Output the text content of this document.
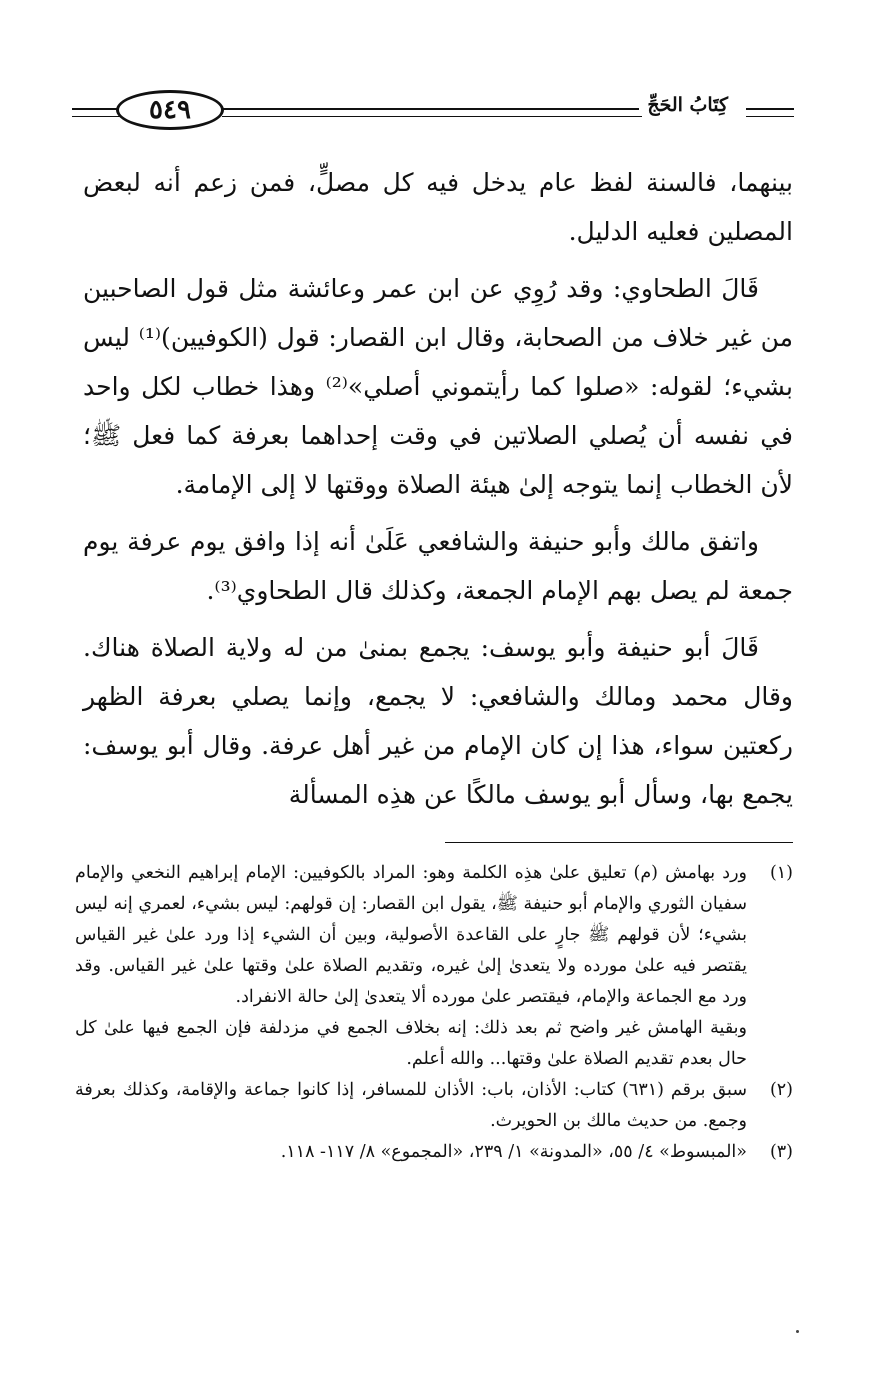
كِتَابُ الحَجِّ
٥٤٩

بينهما، فالسنة لفظ عام يدخل فيه كل مصلٍّ، فمن زعم أنه لبعض المصلين فعليه الدليل.

قَالَ الطحاوي: وقد رُوِي عن ابن عمر وعائشة مثل قول الصاحبين من غير خلاف من الصحابة، وقال ابن القصار: قول (الكوفيين)⁽¹⁾ ليس بشيء؛ لقوله: «صلوا كما رأيتموني أصلي»⁽²⁾ وهذا خطاب لكل واحد في نفسه أن يُصلي الصلاتين في وقت إحداهما بعرفة كما فعل ﷺ؛ لأن الخطاب إنما يتوجه إلىٰ هيئة الصلاة ووقتها لا إلى الإمامة.

واتفق مالك وأبو حنيفة والشافعي عَلَىٰ أنه إذا وافق يوم عرفة يوم جمعة لم يصل بهم الإمام الجمعة، وكذلك قال الطحاوي⁽³⁾.

قَالَ أبو حنيفة وأبو يوسف: يجمع بمنىٰ من له ولاية الصلاة هناك. وقال محمد ومالك والشافعي: لا يجمع، وإنما يصلي بعرفة الظهر ركعتين سواء، هذا إن كان الإمام من غير أهل عرفة. وقال أبو يوسف: يجمع بها، وسأل أبو يوسف مالكًا عن هذِه المسألة

(١)
ورد بهامش (م) تعليق علىٰ هذِه الكلمة وهو: المراد بالكوفيين: الإمام إبراهيم النخعي والإمام سفيان الثوري والإمام أبو حنيفة ﷺ، يقول ابن القصار: إن قولهم: ليس بشيء، لعمري إنه ليس بشيء؛ لأن قولهم ﷺ جارٍ على القاعدة الأصولية، وبين أن الشيء إذا ورد علىٰ غير القياس يقتصر فيه علىٰ مورده ولا يتعدىٰ إلىٰ غيره، وتقديم الصلاة علىٰ وقتها علىٰ غير القياس. وقد ورد مع الجماعة والإمام، فيقتصر علىٰ مورده ألا يتعدىٰ إلىٰ حالة الانفراد.
وبقية الهامش غير واضح ثم بعد ذلك: إنه بخلاف الجمع في مزدلفة فإن الجمع فيها علىٰ كل حال بعدم تقديم الصلاة علىٰ وقتها... والله أعلم.
(٢)
سبق برقم (٦٣١) كتاب: الأذان، باب: الأذان للمسافر، إذا كانوا جماعة والإقامة، وكذلك بعرفة وجمع. من حديث مالك بن الحويرث.
(٣)
«المبسوط» ٤/ ٥٥، «المدونة» ١/ ٢٣٩، «المجموع» ٨/ ١١٧- ١١٨.
